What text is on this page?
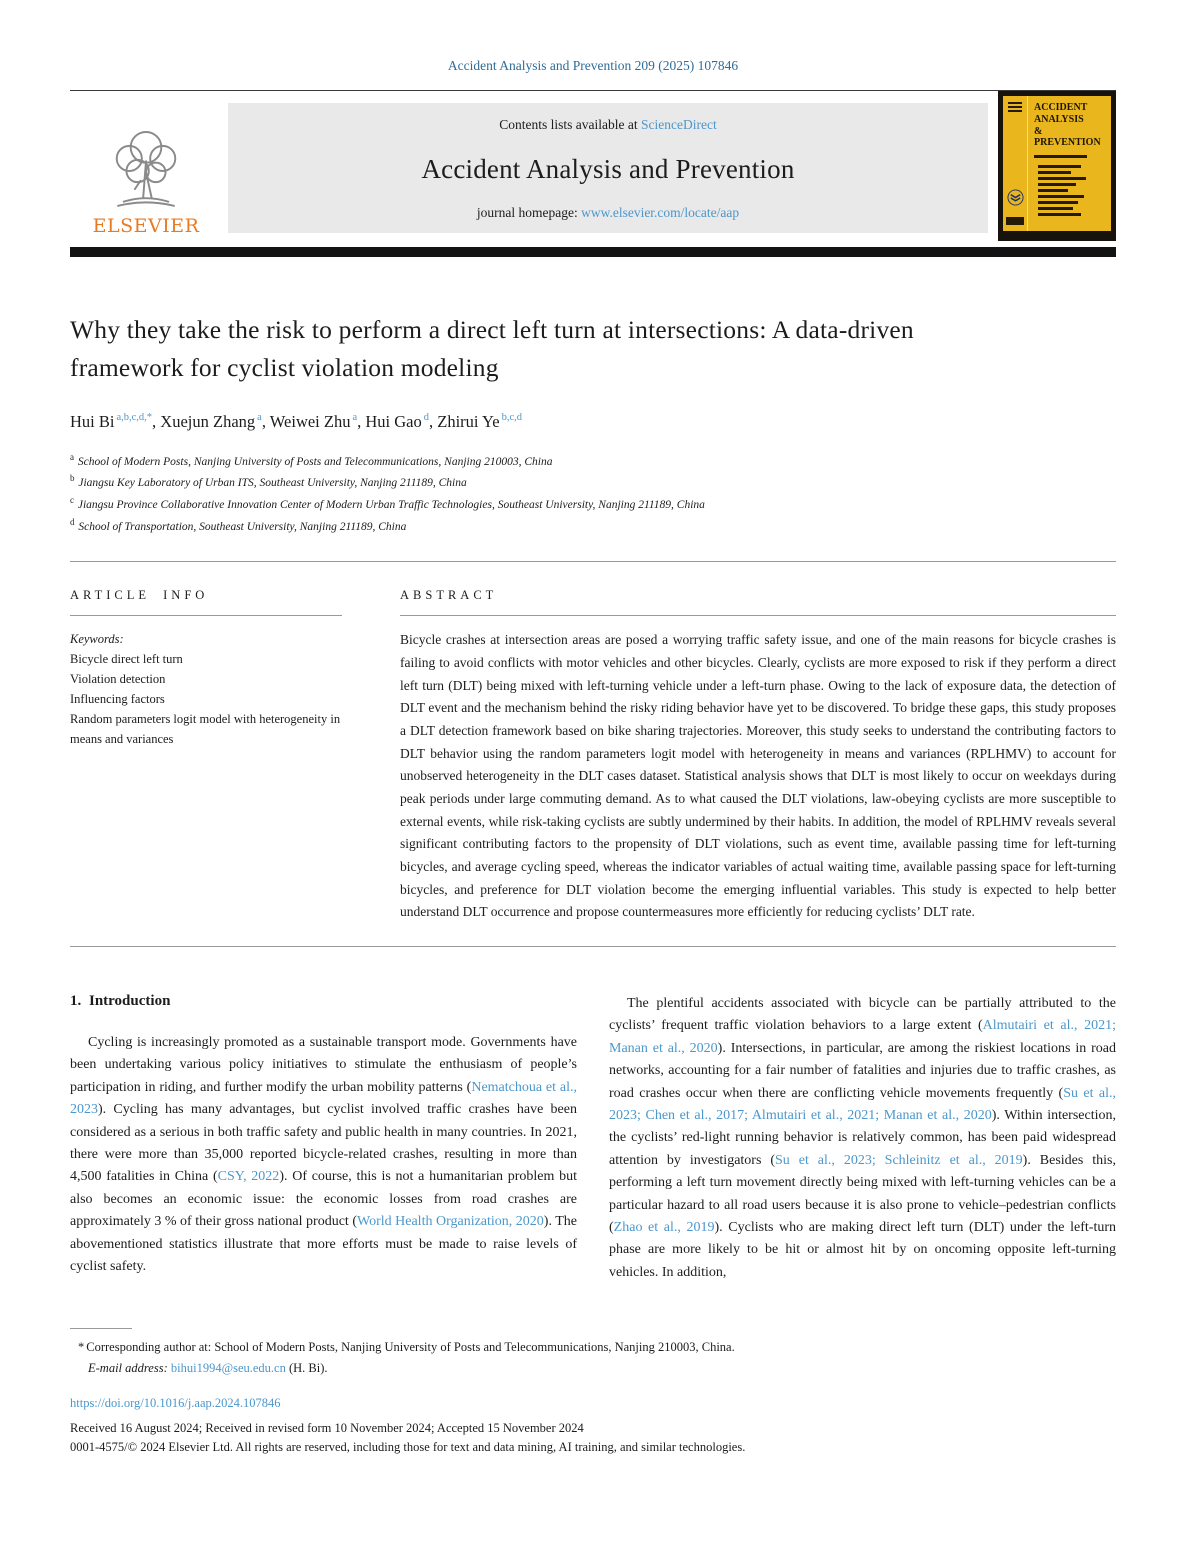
Accident Analysis and Prevention 209 (2025) 107846
ELSEVIER
Contents lists available at ScienceDirect
Accident Analysis and Prevention
journal homepage: www.elsevier.com/locate/aap
ACCIDENT
ANALYSIS
&
PREVENTION
Why they take the risk to perform a direct left turn at intersections: A data-driven framework for cyclist violation modeling
Hui Bi $^{a,b,c,d,*}$, Xuejun Zhang $^a$, Weiwei Zhu $^a$, Hui Gao $^d$, Zhirui Ye $^{b,c,d}$
$^a$ School of Modern Posts, Nanjing University of Posts and Telecommunications, Nanjing 210003, China
$^b$ Jiangsu Key Laboratory of Urban ITS, Southeast University, Nanjing 211189, China
$^c$ Jiangsu Province Collaborative Innovation Center of Modern Urban Traffic Technologies, Southeast University, Nanjing 211189, China
$^d$ School of Transportation, Southeast University, Nanjing 211189, China
ARTICLE INFO
Keywords:
Bicycle direct left turn
Violation detection
Influencing factors
Random parameters logit model with heterogeneity in means and variances
ABSTRACT
Bicycle crashes at intersection areas are posed a worrying traffic safety issue, and one of the main reasons for bicycle crashes is failing to avoid conflicts with motor vehicles and other bicycles. Clearly, cyclists are more exposed to risk if they perform a direct left turn (DLT) being mixed with left-turning vehicle under a left-turn phase. Owing to the lack of exposure data, the detection of DLT event and the mechanism behind the risky riding behavior have yet to be discovered. To bridge these gaps, this study proposes a DLT detection framework based on bike sharing trajectories. Moreover, this study seeks to understand the contributing factors to DLT behavior using the random parameters logit model with heterogeneity in means and variances (RPLHMV) to account for unobserved heterogeneity in the DLT cases dataset. Statistical analysis shows that DLT is most likely to occur on weekdays during peak periods under large commuting demand. As to what caused the DLT violations, law-obeying cyclists are more susceptible to external events, while risk-taking cyclists are subtly undermined by their habits. In addition, the model of RPLHMV reveals several significant contributing factors to the propensity of DLT violations, such as event time, available passing time for left-turning bicycles, and average cycling speed, whereas the indicator variables of actual waiting time, available passing space for left-turning bicycles, and preference for DLT violation become the emerging influential variables. This study is expected to help better understand DLT occurrence and propose countermeasures more efficiently for reducing cyclists’ DLT rate.
1. Introduction

Cycling is increasingly promoted as a sustainable transport mode. Governments have been undertaking various policy initiatives to stimulate the enthusiasm of people’s participation in riding, and further modify the urban mobility patterns (Nematchoua et al., 2023). Cycling has many advantages, but cyclist involved traffic crashes have been considered as a serious in both traffic safety and public health in many countries. In 2021, there were more than 35,000 reported bicycle-related crashes, resulting in more than 4,500 fatalities in China (CSY, 2022). Of course, this is not a humanitarian problem but also becomes an economic issue: the economic losses from road crashes are approximately 3 % of their gross national product (World Health Organization, 2020). The abovementioned statistics illustrate that more efforts must be made to raise levels of cyclist safety.

The plentiful accidents associated with bicycle can be partially attributed to the cyclists’ frequent traffic violation behaviors to a large extent (Almutairi et al., 2021; Manan et al., 2020). Intersections, in particular, are among the riskiest locations in road networks, accounting for a fair number of fatalities and injuries due to traffic crashes, as road crashes occur when there are conflicting vehicle movements frequently (Su et al., 2023; Chen et al., 2017; Almutairi et al., 2021; Manan et al., 2020). Within intersection, the cyclists’ red-light running behavior is relatively common, has been paid widespread attention by investigators (Su et al., 2023; Schleinitz et al., 2019). Besides this, performing a left turn movement directly being mixed with left-turning vehicles can be a particular hazard to all road users because it is also prone to vehicle–pedestrian conflicts (Zhao et al., 2019). Cyclists who are making direct left turn (DLT) under the left-turn phase are more likely to be hit or almost hit by on oncoming opposite left-turning vehicles. In addition,

* Corresponding author at: School of Modern Posts, Nanjing University of Posts and Telecommunications, Nanjing 210003, China.
E-mail address: bihui1994@seu.edu.cn (H. Bi).
https://doi.org/10.1016/j.aap.2024.107846
Received 16 August 2024; Received in revised form 10 November 2024; Accepted 15 November 2024
0001-4575/© 2024 Elsevier Ltd. All rights are reserved, including those for text and data mining, AI training, and similar technologies.
